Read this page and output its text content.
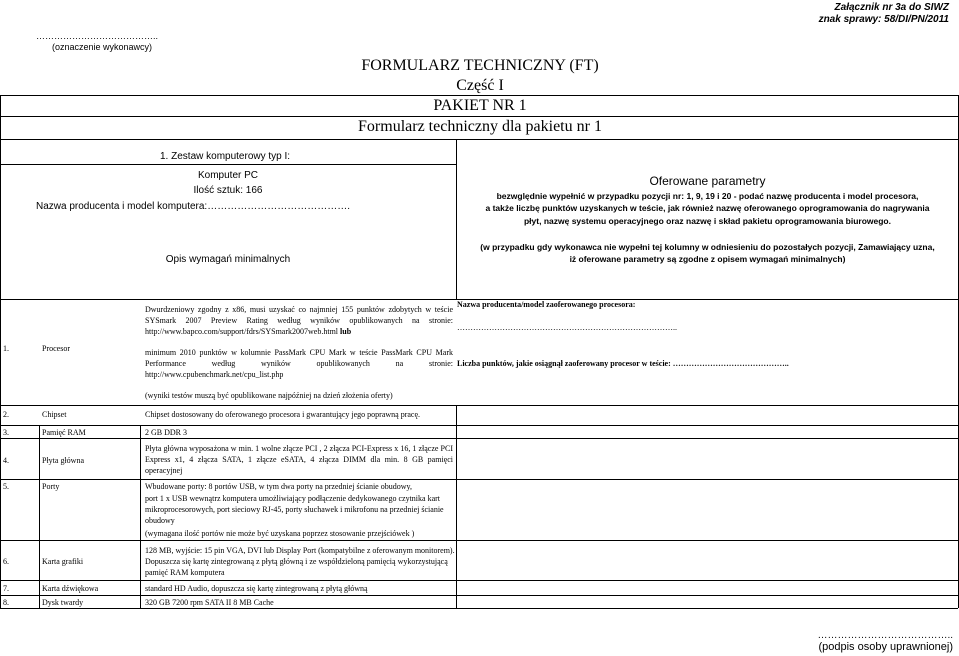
Załącznik nr 3a do SIWZ
znak sprawy: 58/DI/PN/2011
…………………………………..
(oznaczenie wykonawcy)
FORMULARZ TECHNICZNY (FT)
Część I
PAKIET NR 1
Formularz techniczny dla pakietu nr 1
1. Zestaw komputerowy typ I:
Komputer PC
Ilość sztuk: 166
Nazwa producenta i model komputera:…………………………………….
Opis wymagań minimalnych
Oferowane parametry
bezwględnie wypełnić w przypadku pozycji nr: 1, 9, 19 i 20 - podać nazwę producenta i model procesora,
a także liczbę punktów uzyskanych w teście, jak również nazwę oferowanego oprogramowania do nagrywania
płyt, nazwę systemu operacyjnego oraz nazwę i skład pakietu oprogramowania biurowego.
(w przypadku gdy wykonawca nie wypełni tej kolumny w odniesieniu do pozostałych pozycji, Zamawiający uzna,
iż oferowane parametry są zgodne z opisem wymagań minimalnych)
1.	Procesor
Dwurdzeniowy zgodny z x86, musi uzyskać co najmniej 155 punktów zdobytych w teście
SYSmark 2007 Preview Rating według wyników opublikowanych na stronie:
http://www.bapco.com/support/fdrs/SYSmark2007web.html lub
minimum 2010 punktów w kolumnie PassMark CPU Mark w teście PassMark CPU Mark
Performance według wyników opublikowanych na stronie:
http://www.cpubenchmark.net/cpu_list.php
(wyniki testów muszą być opublikowane najpóźniej na dzień złożenia oferty)
Nazwa producenta/model zaoferowanego procesora:
………………………………………………………………………..
Liczba punktów, jakie osiągnął zaoferowany procesor w teście: ……………………………………..
2.	Chipset	Chipset dostosowany do oferowanego procesora i gwarantujący jego poprawną pracę.
3.	Pamięć RAM	2 GB DDR 3
4.	Płyta główna
Płyta główna wyposażona w min. 1 wolne złącze PCI , 2 złącza PCI-Express x 16, 1 złącze PCI
Express x1, 4 złącza SATA, 1 złącze eSATA, 4 złącza DIMM dla min. 8 GB pamięci
operacyjnej
5.	Porty	Wbudowane porty: 8 portów USB, w tym dwa porty na przedniej ścianie obudowy,
port 1 x USB wewnątrz komputera umożliwiający podłączenie dedykowanego czytnika kart
mikroprocesorowych, port sieciowy RJ-45, porty słuchawek i mikrofonu na przedniej ścianie
obudowy
(wymagana ilość portów nie może być uzyskana poprzez stosowanie przejściówek )
6.	Karta grafiki
128 MB, wyjście: 15 pin VGA, DVI lub Display Port (kompatybilne z oferowanym monitorem).
Dopuszcza się kartę zintegrowaną z płytą główną i ze współdzieloną pamięcią wykorzystującą
pamięć RAM komputera
7.	Karta dźwiękowa	standard HD Audio, dopuszcza się kartę zintegrowaną z płytą główną
8.	Dysk twardy	320 GB 7200 rpm SATA II 8 MB Cache
…………………………………..
(podpis osoby uprawnionej)
